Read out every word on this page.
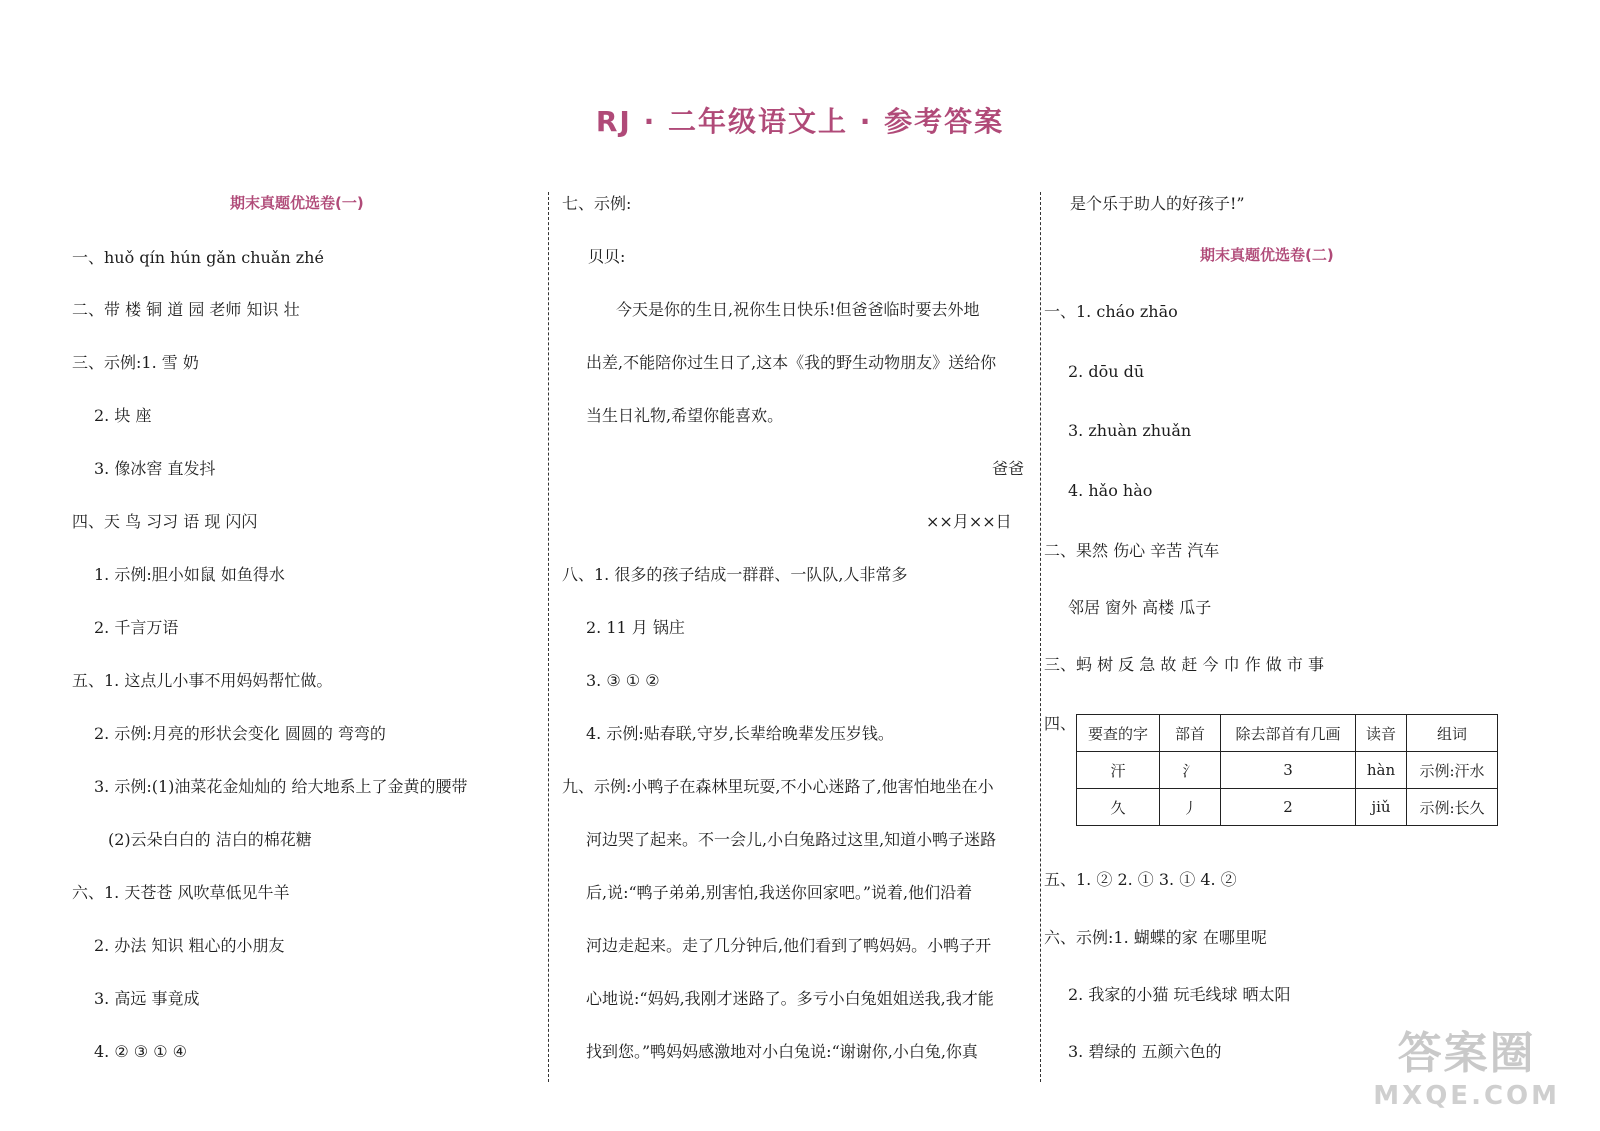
RJ · 二年级语文上 · 参考答案
期末真题优选卷(一)
一、huǒ qín hún gǎn chuǎn zhé
二、带 楼 铜 道 园 老师 知识 壮
三、示例:1. 雪 奶
2. 块 座
3. 像冰窖 直发抖
四、天 鸟 习习 语 现 闪闪
1. 示例:胆小如鼠 如鱼得水
2. 千言万语
五、1. 这点儿小事不用妈妈帮忙做。
2. 示例:月亮的形状会变化 圆圆的 弯弯的
3. 示例:(1)油菜花金灿灿的 给大地系上了金黄的腰带
(2)云朵白白的 洁白的棉花糖
六、1. 天苍苍 风吹草低见牛羊
2. 办法 知识 粗心的小朋友
3. 高远 事竟成
4. ② ③ ① ④
七、示例:
贝贝:
今天是你的生日,祝你生日快乐!但爸爸临时要去外地
出差,不能陪你过生日了,这本《我的野生动物朋友》送给你
当生日礼物,希望你能喜欢。
爸爸
××月××日
八、1. 很多的孩子结成一群群、一队队,人非常多
2. 11 月 锅庄
3. ③ ① ②
4. 示例:贴春联,守岁,长辈给晚辈发压岁钱。
九、示例:小鸭子在森林里玩耍,不小心迷路了,他害怕地坐在小
河边哭了起来。不一会儿,小白兔路过这里,知道小鸭子迷路
后,说:“鸭子弟弟,别害怕,我送你回家吧。”说着,他们沿着
河边走起来。走了几分钟后,他们看到了鸭妈妈。小鸭子开
心地说:“妈妈,我刚才迷路了。多亏小白兔姐姐送我,我才能
找到您。”鸭妈妈感激地对小白兔说:“谢谢你,小白兔,你真
是个乐于助人的好孩子!”
期末真题优选卷(二)
一、1. cháo zhāo
2. dōu dū
3. zhuàn zhuǎn
4. hǎo hào
二、果然 伤心 辛苦 汽车
邻居 窗外 高楼 瓜子
三、蚂 树 反 急 故 赶 今 巾 作 做 市 事
四、
要查的字	部首	除去部首有几画	读音	组词
汗	氵	3	hàn	示例:汗水
久	丿	2	jiǔ	示例:长久
五、1. ② 2. ① 3. ① 4. ②
六、示例:1. 蝴蝶的家 在哪里呢
2. 我家的小猫 玩毛线球 晒太阳
3. 碧绿的 五颜六色的	答案圈
MXQE.COM
